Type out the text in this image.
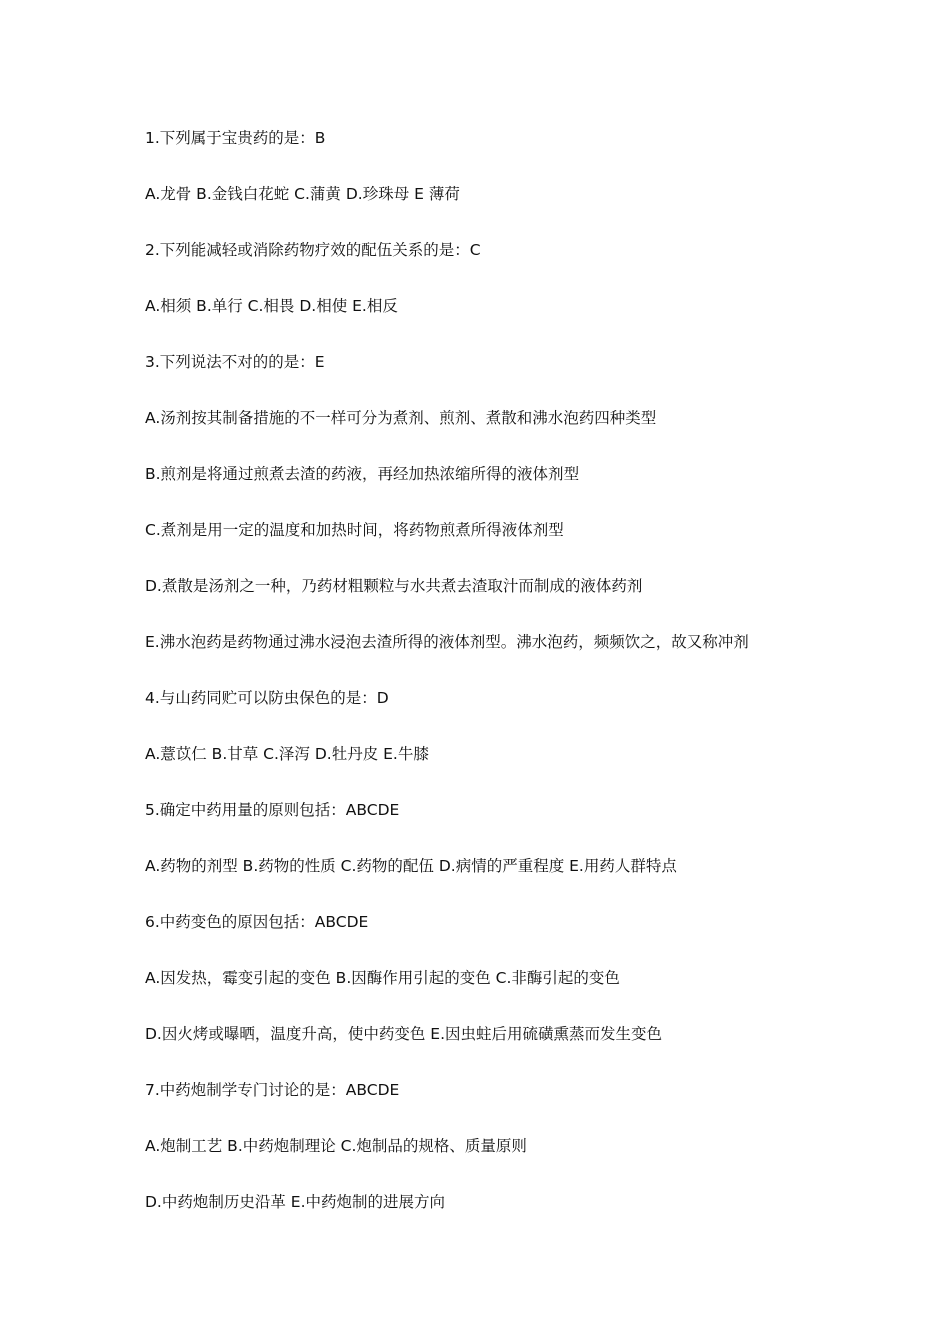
1.下列属于宝贵药的是：B
A.龙骨 B.金钱白花蛇 C.蒲黄 D.珍珠母 E 薄荷
2.下列能减轻或消除药物疗效的配伍关系的是：C
A.相须 B.单行 C.相畏 D.相使 E.相反
3.下列说法不对的的是：E
A.汤剂按其制备措施的不一样可分为煮剂、煎剂、煮散和沸水泡药四种类型
B.煎剂是将通过煎煮去渣的药液，再经加热浓缩所得的液体剂型
C.煮剂是用一定的温度和加热时间，将药物煎煮所得液体剂型
D.煮散是汤剂之一种，乃药材粗颗粒与水共煮去渣取汁而制成的液体药剂
E.沸水泡药是药物通过沸水浸泡去渣所得的液体剂型。沸水泡药，频频饮之，故又称冲剂
4.与山药同贮可以防虫保色的是：D
A.薏苡仁 B.甘草 C.泽泻 D.牡丹皮 E.牛膝
5.确定中药用量的原则包括：ABCDE
A.药物的剂型 B.药物的性质 C.药物的配伍 D.病情的严重程度 E.用药人群特点
6.中药变色的原因包括：ABCDE
A.因发热，霉变引起的变色 B.因酶作用引起的变色 C.非酶引起的变色
D.因火烤或曝晒，温度升高，使中药变色 E.因虫蛀后用硫磺熏蒸而发生变色
7.中药炮制学专门讨论的是：ABCDE
A.炮制工艺 B.中药炮制理论 C.炮制品的规格、质量原则
D.中药炮制历史沿革 E.中药炮制的进展方向
